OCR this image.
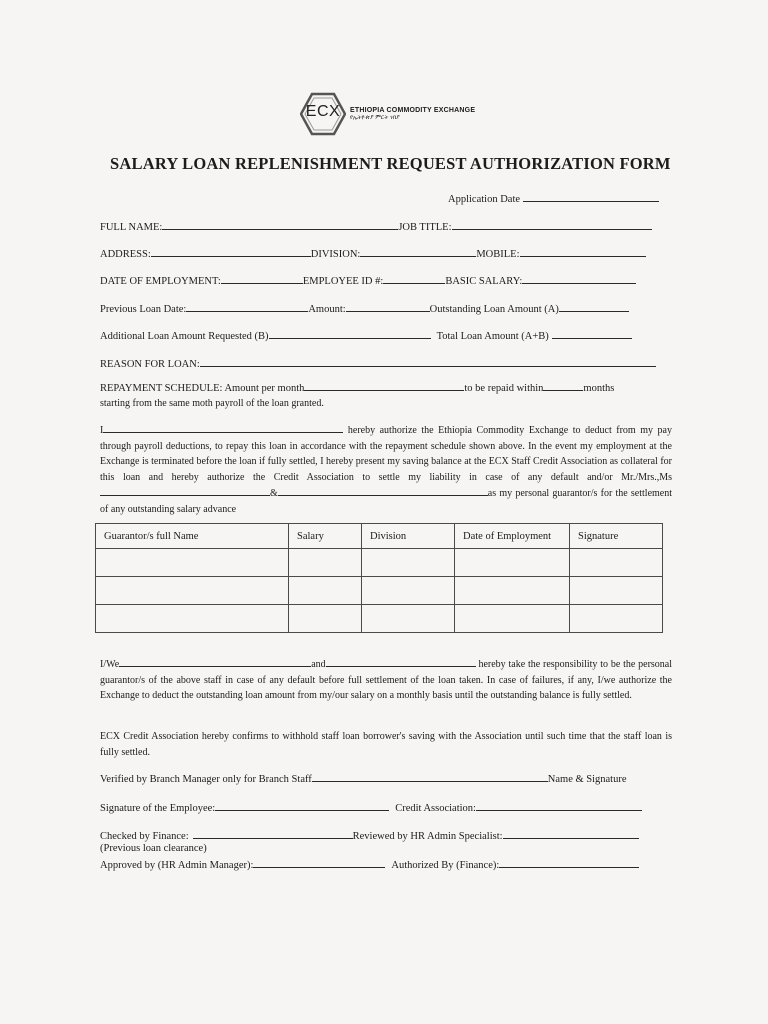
ECX	ETHIOPIA COMMODITY EXCHANGE
የኢትዮጵያ ምርት ገበያ
SALARY LOAN REPLENISHMENT REQUEST AUTHORIZATION FORM
Application Date
FULL NAME:	JOB TITLE:
ADDRESS:	DIVISION:	MOBILE:
DATE OF EMPLOYMENT:	EMPLOYEE ID #:	BASIC SALARY:
Previous Loan Date:	Amount:	Outstanding Loan Amount (A)
Additional Loan Amount Requested (B)	Total Loan Amount (A+B)
REASON FOR LOAN:
REPAYMENT SCHEDULE: Amount per month	to be repaid within	months
starting from the same moth payroll of the loan granted.
I	hereby authorize the Ethiopia Commodity Exchange to deduct from my pay through payroll deductions, to repay this loan in accordance with the repayment schedule shown above. In the event my employment at the Exchange is terminated before the loan if fully settled, I hereby present my saving balance at the ECX Staff Credit Association as collateral for this loan and hereby authorize the Credit Association to settle my liability in case of any default and/or Mr./Mrs.,Ms&	as my personal guarantor/s for the settlement of any outstanding salary advance
Guarantor/s full Name	Salary	Division	Date of Employment	Signature

I/We	and	hereby take the responsibility to be the personal guarantor/s of the above staff in case of any default before full settlement of the loan taken. In case of failures, if any, I/we authorize the Exchange to deduct the outstanding loan amount from my/our salary on a monthly basis until the outstanding balance is fully settled.
ECX Credit Association hereby confirms to withhold staff loan borrower's saving with the Association until such time that the staff loan is fully settled.
Verified by Branch Manager only for Branch Staff	Name & Signature
Signature of the Employee:	Credit Association:
Checked by Finance:	Reviewed by HR Admin Specialist:
(Previous loan clearance)
Approved by (HR Admin Manager):	Authorized By (Finance):
